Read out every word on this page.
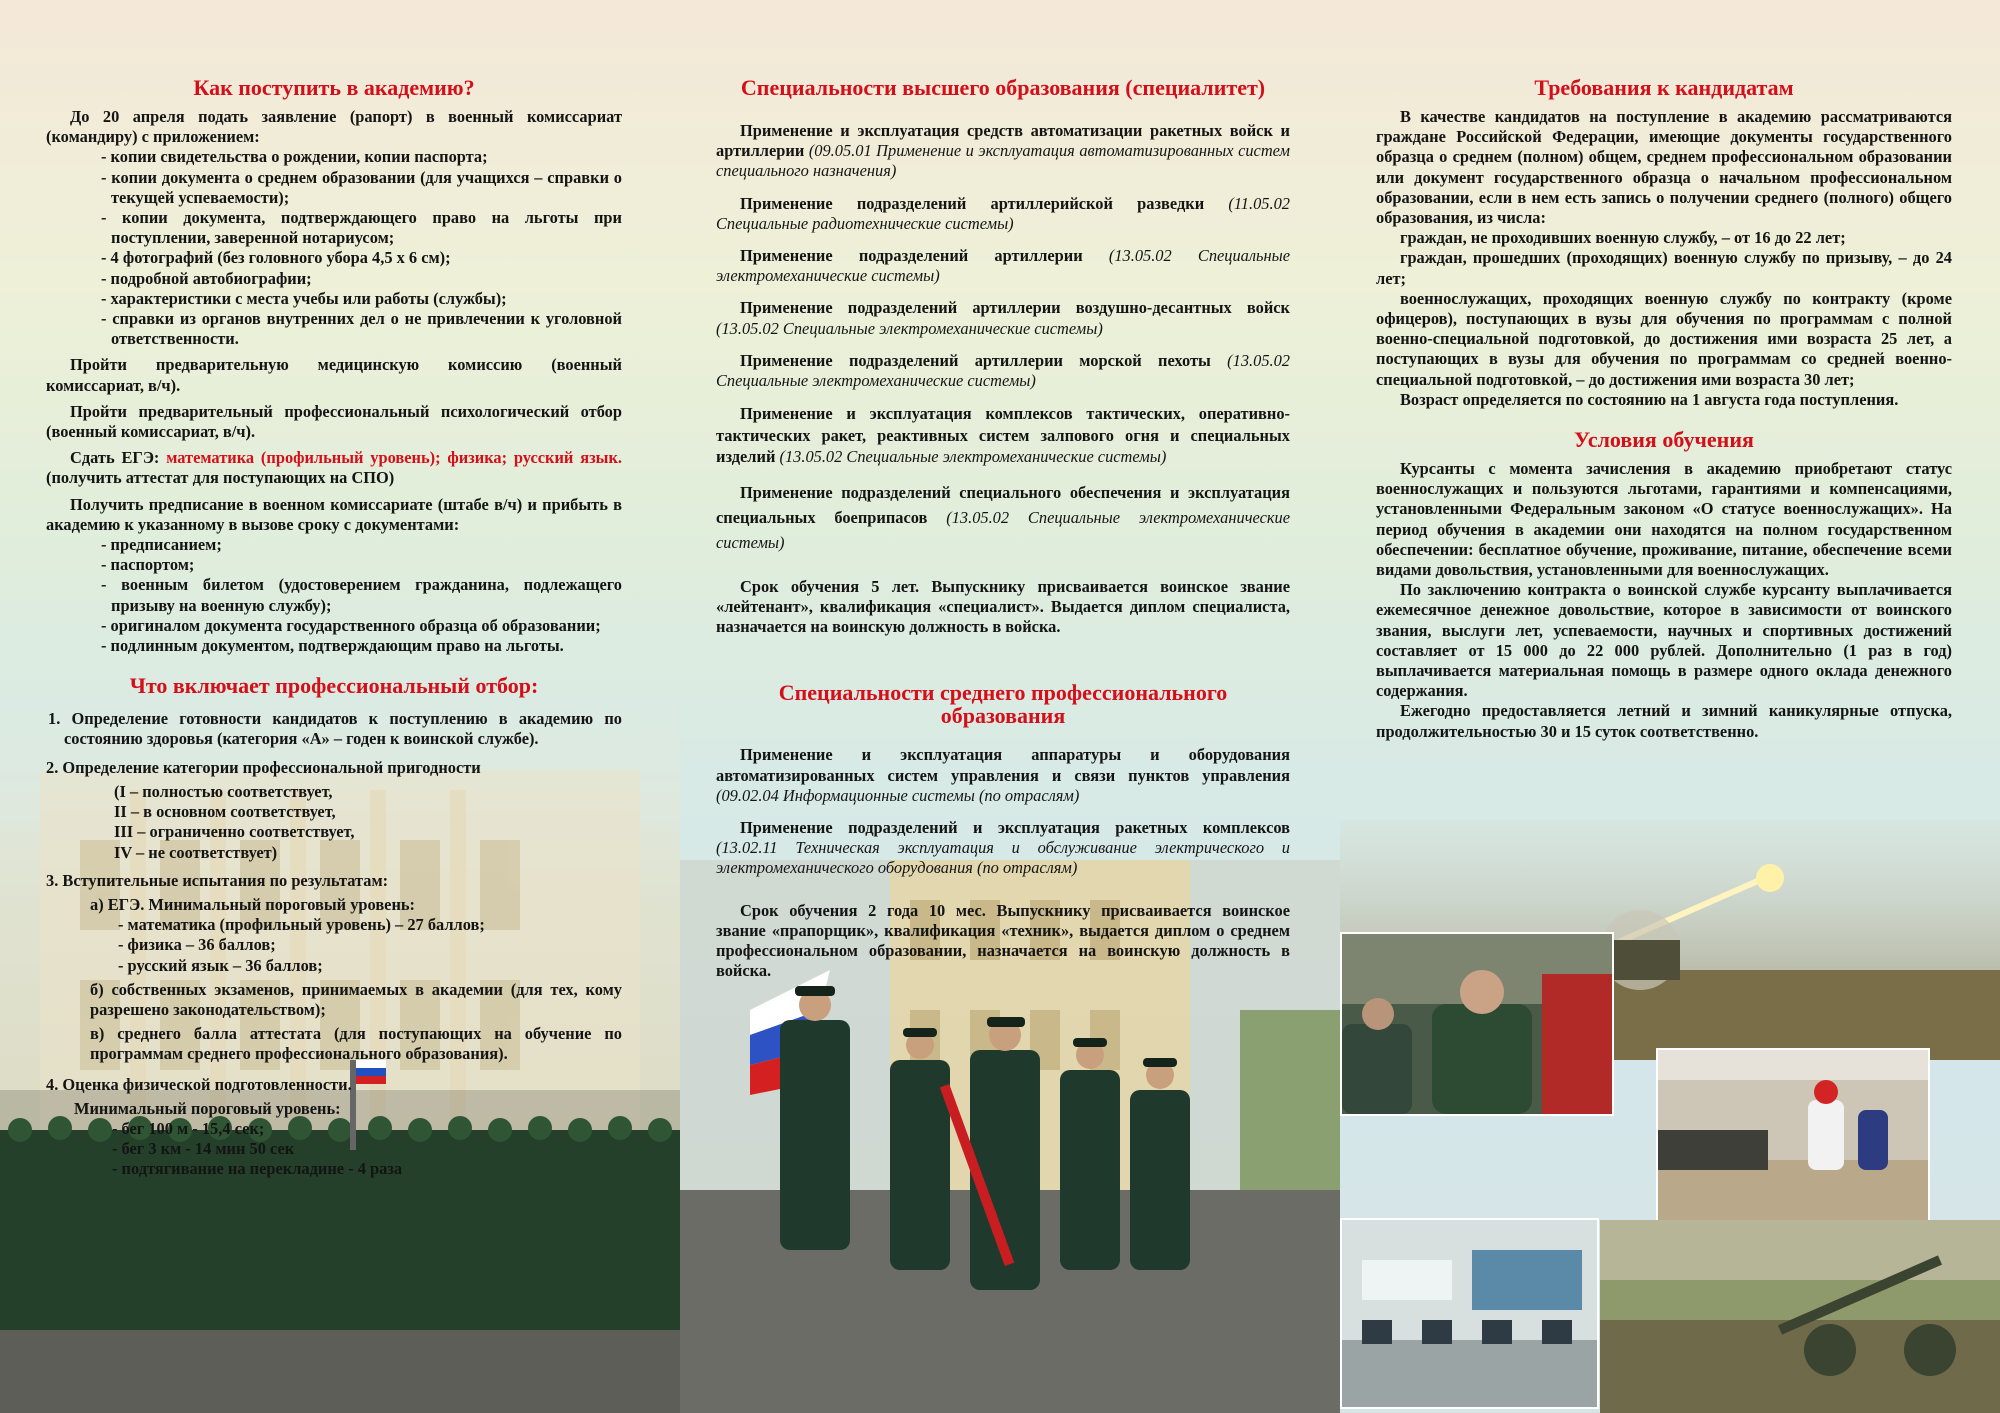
Как поступить в академию?

До 20 апреля подать заявление (рапорт) в военный комиссариат (командиру) с приложением:

- копии свидетельства о рождении, копии паспорта;
- копии документа о среднем образовании (для учащихся – справки о текущей успеваемости);
- копии документа, подтверждающего право на льготы при поступлении, заверенной нотариусом;
- 4 фотографий (без головного убора 4,5 х 6 см);
- подробной автобиографии;
- характеристики с места учебы или работы (службы);
- справки из органов внутренних дел о не привлечении к уголовной ответственности.

Пройти предварительную медицинскую комиссию (военный комиссариат, в/ч).

Пройти предварительный профессиональный психологический отбор (военный комиссариат, в/ч).

Сдать ЕГЭ: математика (профильный уровень); физика; русский язык. (получить аттестат для поступающих на СПО)

Получить предписание в военном комиссариате (штабе в/ч) и прибыть в академию к указанному в вызове сроку с документами:

- предписанием;
- паспортом;
- военным билетом (удостоверением гражданина, подлежащего призыву на военную службу);
- оригиналом документа государственного образца об образовании;
- подлинным документом, подтверждающим право на льготы.
Что включает профессиональный отбор:

1. Определение готовности кандидатов к поступлению в академию по состоянию здоровья (категория «А» – годен к воинской службе).

2. Определение категории профессиональной пригодности

(I – полностью соответствует,
II – в основном соответствует,
III – ограниченно соответствует,
IV – не соответствует)

3. Вступительные испытания по результатам:

а) ЕГЭ. Минимальный пороговый уровень:

- математика (профильный уровень) – 27 баллов;
- физика – 36 баллов;
- русский язык – 36 баллов;

б) собственных экзаменов, принимаемых в академии (для тех, кому разрешено законодательством);

в) среднего балла аттестата (для поступающих на обучение по программам среднего профессионального образования).

4. Оценка физической подготовленности.

Минимальный пороговый уровень:

- бег 100 м - 15,4 сек;
- бег 3 км - 14 мин 50 сек
- подтягивание на перекладине - 4 раза
Специальности высшего образования (специалитет)

Применение и эксплуатация средств автоматизации ракетных войск и артиллерии (09.05.01 Применение и эксплуатация автоматизированных систем специального назначения)

Применение подразделений артиллерийской разведки (11.05.02 Специальные радиотехнические системы)

Применение подразделений артиллерии (13.05.02 Специальные электромеханические системы)

Применение подразделений артиллерии воздушно-десантных войск (13.05.02 Специальные электромеханические системы)

Применение подразделений артиллерии морской пехоты (13.05.02 Специальные электромеханические системы)

Применение и эксплуатация комплексов тактических, оперативно-тактических ракет, реактивных систем залпового огня и специальных изделий (13.05.02 Специальные электромеханические системы)

Применение подразделений специального обеспечения и эксплуатация специальных боеприпасов (13.05.02 Специальные электромеханические системы)

Срок обучения 5 лет. Выпускнику присваивается воинское звание «лейтенант», квалификация «специалист». Выдается диплом специалиста, назначается на воинскую должность в войска.

Специальности среднего профессионального образования

Применение и эксплуатация аппаратуры и оборудования автоматизированных систем управления и связи пунктов управления (09.02.04 Информационные системы (по отраслям)

Применение подразделений и эксплуатация ракетных комплексов (13.02.11 Техническая эксплуатация и обслуживание электрического и электромеханического оборудования (по отраслям)

Срок обучения 2 года 10 мес. Выпускнику присваивается воинское звание «прапорщик», квалификация «техник», выдается диплом о среднем профессиональном образовании, назначается на воинскую должность в войска.

Требования к кандидатам

В качестве кандидатов на поступление в академию рассматриваются граждане Российской Федерации, имеющие документы государственного образца о среднем (полном) общем, среднем профессиональном образовании или документ государственного образца о начальном профессиональном образовании, если в нем есть запись о получении среднего (полного) общего образования, из числа:

граждан, не проходивших военную службу, – от 16 до 22 лет;

граждан, прошедших (проходящих) военную службу по призыву, – до 24 лет;

военнослужащих, проходящих военную службу по контракту (кроме офицеров), поступающих в вузы для обучения по программам с полной военно-специальной подготовкой, до достижения ими возраста 25 лет, а поступающих в вузы для обучения по программам со средней военно-специальной подготовкой, – до достижения ими возраста 30 лет;

Возраст определяется по состоянию на 1 августа года поступления.

Условия обучения

Курсанты с момента зачисления в академию приобретают статус военнослужащих и пользуются льготами, гарантиями и компенсациями, установленными Федеральным законом «О статусе военнослужащих». На период обучения в академии они находятся на полном государственном обеспечении: бесплатное обучение, проживание, питание, обеспечение всеми видами довольствия, установленными для военнослужащих.

По заключению контракта о воинской службе курсанту выплачивается ежемесячное денежное довольствие, которое в зависимости от воинского звания, выслуги лет, успеваемости, научных и спортивных достижений составляет от 15 000 до 22 000 рублей. Дополнительно (1 раз в год) выплачивается материальная помощь в размере одного оклада денежного содержания.

Ежегодно предоставляется летний и зимний каникулярные отпуска, продолжительностью 30 и 15 суток соответственно.
